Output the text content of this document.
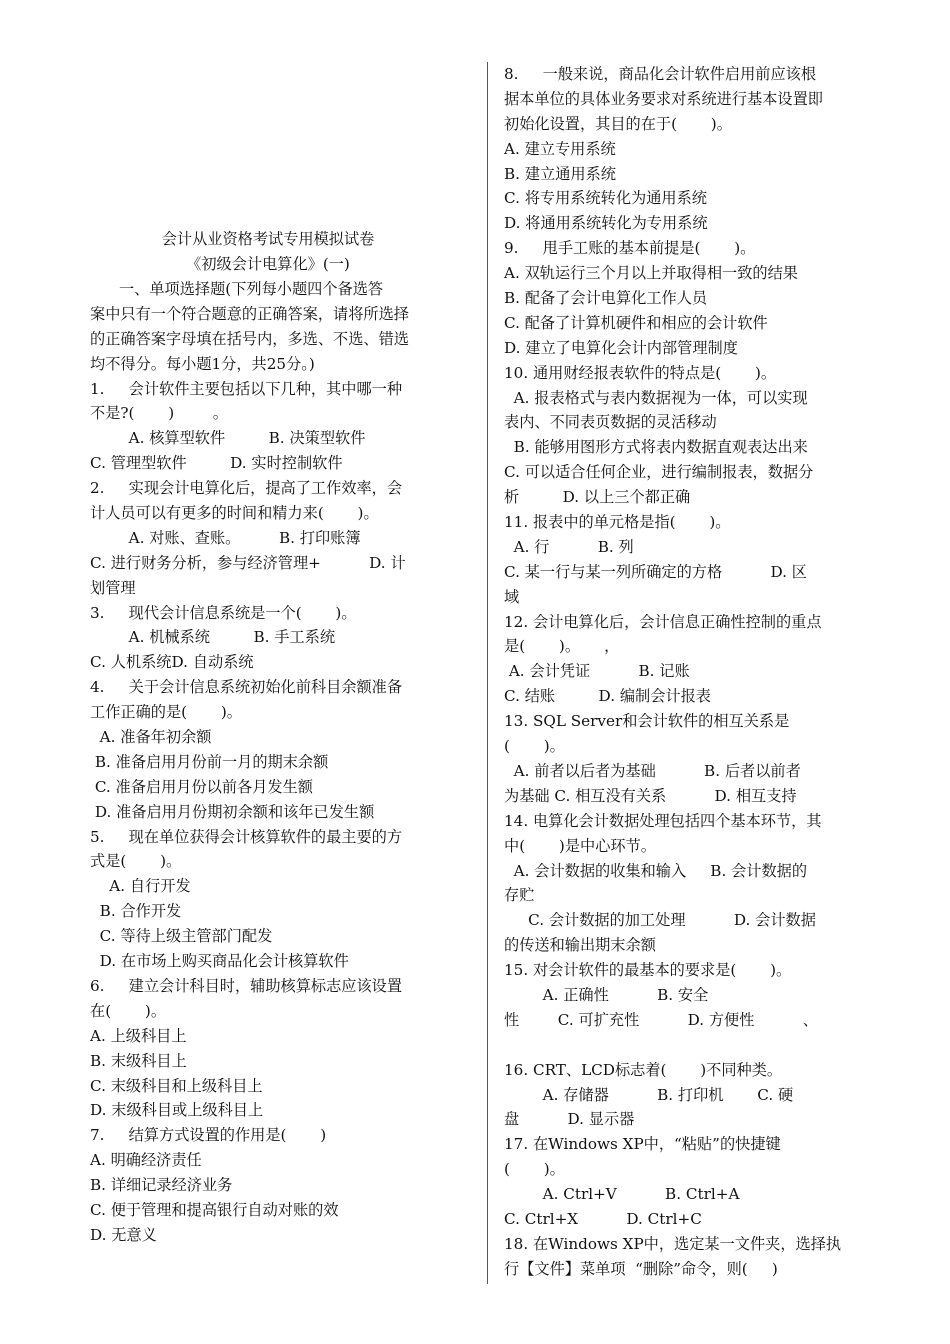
会计从业资格考试专用模拟试卷
《初级会计电算化》(一)
一、单项选择题(下列每小题四个备选答
案中只有一个符合题意的正确答案，请将所选择
的正确答案字母填在括号内，多选、不选、错选
均不得分。每小题1分，共25分。)
1.     会计软件主要包括以下几种，其中哪一种
不是?(       )        。
A. 核算型软件         B. 决策型软件
C. 管理型软件         D. 实时控制软件
2.     实现会计电算化后，提高了工作效率，会
计人员可以有更多的时间和精力来(       )。
A. 对账、查账。        B. 打印账簿
C. 进行财务分析，参与经济管理+          D. 计
划管理
3.     现代会计信息系统是一个(       )。
A. 机械系统         B. 手工系统
C. 人机系统D. 自动系统
4.     关于会计信息系统初始化前科目余额准备
工作正确的是(       )。
A. 准备年初余额
B. 准备启用月份前一月的期末余额
C. 准备启用月份以前各月发生额
D. 准备启用月份期初余额和该年已发生额
5.     现在单位获得会计核算软件的最主要的方
式是(       )。
A. 自行开发
B. 合作开发
C. 等待上级主管部门配发
D. 在市场上购买商品化会计核算软件
6.     建立会计科目时，辅助核算标志应该设置
在(       )。
A. 上级科目上
B. 末级科目上
C. 末级科目和上级科目上
D. 末级科目或上级科目上
7.     结算方式设置的作用是(       )
A. 明确经济责任
B. 详细记录经济业务
C. 便于管理和提高银行自动对账的效
D. 无意义
8.     一般来说，商品化会计软件启用前应该根
据本单位的具体业务要求对系统进行基本设置即
初始化设置，其目的在于(       )。
A. 建立专用系统
B. 建立通用系统
C. 将专用系统转化为通用系统
D. 将通用系统转化为专用系统
9.     甩手工账的基本前提是(       )。
A. 双轨运行三个月以上并取得相一致的结果
B. 配备了会计电算化工作人员
C. 配备了计算机硬件和相应的会计软件
D. 建立了电算化会计内部管理制度
10. 通用财经报表软件的特点是(       )。
A. 报表格式与表内数据视为一体，可以实现
表内、不同表页数据的灵活移动
B. 能够用图形方式将表内数据直观表达出来
C. 可以适合任何企业，进行编制报表，数据分
析         D. 以上三个都正确
11. 报表中的单元格是指(       )。
A. 行          B. 列
C. 某一行与某一列所确定的方格          D. 区
域
12. 会计电算化后，会计信息正确性控制的重点
是(       )。     ，
A. 会计凭证          B. 记账
C. 结账         D. 编制会计报表
13. SQL Server和会计软件的相互关系是
(       )。
A. 前者以后者为基础          B. 后者以前者
为基础 C. 相互没有关系          D. 相互支持
14. 电算化会计数据处理包括四个基本环节，其
中(       )是中心环节。
A. 会计数据的收集和输入     B. 会计数据的
存贮
C. 会计数据的加工处理          D. 会计数据
的传送和输出期末余额
15. 对会计软件的最基本的要求是(       )。
A. 正确性          B. 安全
性        C. 可扩充性          D. 方便性          、
16. CRT、LCD标志着(       )不同种类。
A. 存储器          B. 打印机       C. 硬
盘          D. 显示器
17. 在Windows XP中，“粘贴”的快捷键
(       )。
A. Ctrl+V          B. Ctrl+A
C. Ctrl+X          D. Ctrl+C
18. 在Windows XP中，选定某一文件夹，选择执
行【文件】菜单项  “删除”命令，则(     )
